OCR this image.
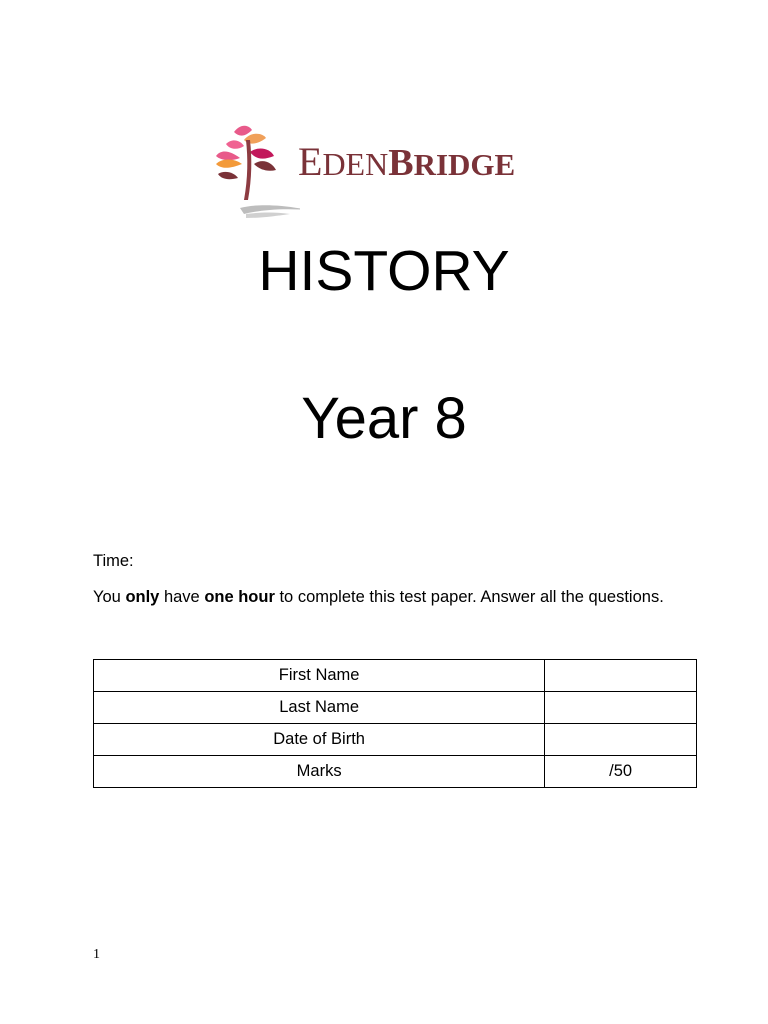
EDENBRIDGE
HISTORY
Year 8
Time:
You only have one hour to complete this test paper. Answer all the questions.
First Name	
Last Name	
Date of Birth	
Marks	/50
1
